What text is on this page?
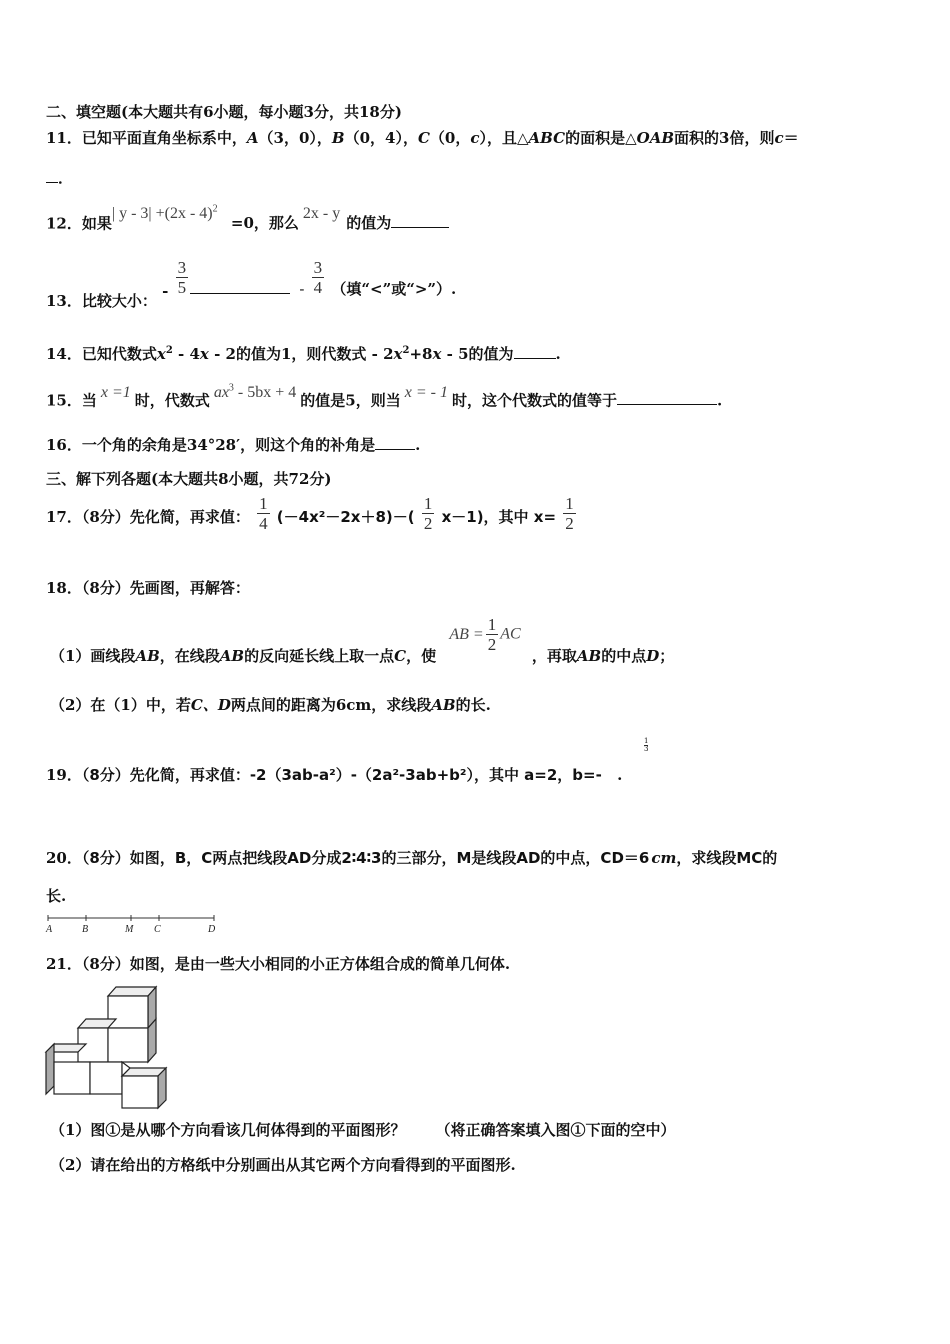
二、填空题(本大题共有6小题，每小题3分，共18分)
11．已知平面直角坐标系中，A（3，0），B（0，4），C（0，c），且△ABC的面积是△OAB面积的3倍，则c＝
．
12．如果| y - 3| +(2x - 4)$^2$ =0，那么2x - y的值为
13．比较大小： - $\frac{3}{5}$	- $\frac{3}{4}$ （填“<”或“>”）.
14．已知代数式$x^2 - 4x - 2$的值为1，则代数式 - $2x^2+8x - 5$的值为	.
15．当 x =1 时，代数式 $ax^3 - 5bx + 4$ 的值是5，则当 x = - 1 时，这个代数式的值等于	.
16．一个角的余角是34°28′，则这个角的补角是	.
三、解下列各题(本大题共8小题，共72分)
17．（8分）先化简，再求值： $\frac{1}{4} (-4x^2-2x+8)-( \frac{1}{2} x-1)$，其中 $x= \frac{1}{2}$
18．（8分）先画图，再解答：
（1）画线段AB，在线段AB的反向延长线上取一点C，使 AB = $\frac{1}{2}$ AC ，再取AB的中点D；
（2）在（1）中，若C、D两点间的距离为6cm，求线段AB的长.
19．（8分）先化简，再求值：-2（3ab-a²）-（2a²-3ab+b²），其中 a=2，b=-
1
3
.
20．（8分）如图，B，C两点把线段AD分成2∶4∶3的三部分，M是线段AD的中点，CD＝6 cm，求线段MC的
长.
A	B	M C	D
21．（8分）如图，是由一些大小相同的小正方体组合成的简单几何体.
（1）图①是从哪个方向看该几何体得到的平面图形？ （将正确答案填入图①下面的空中）
（2）请在给出的方格纸中分别画出从其它两个方向看得到的平面图形.
